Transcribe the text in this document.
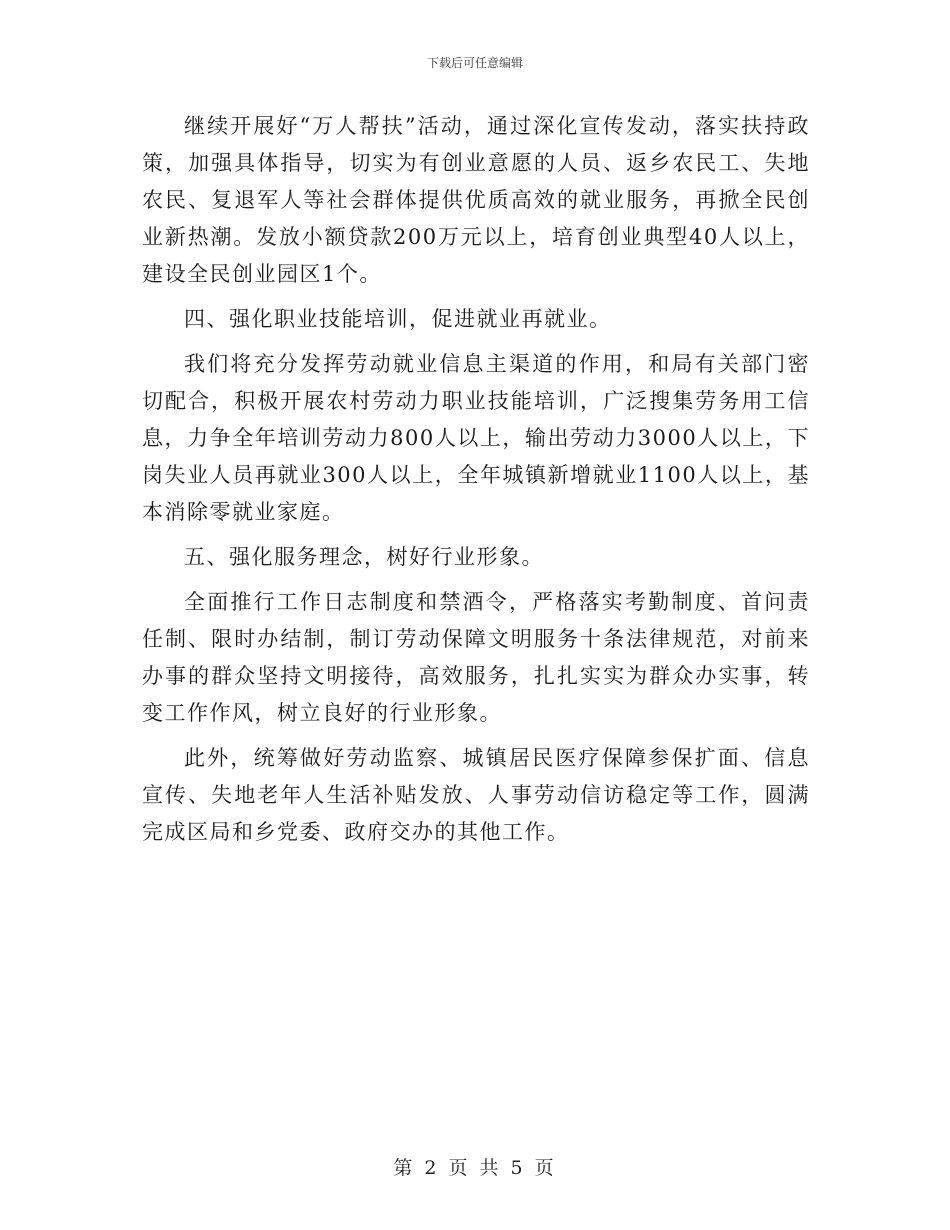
下载后可任意编辑

继续开展好“万人帮扶”活动，通过深化宣传发动，落实扶持政策，加强具体指导，切实为有创业意愿的人员、返乡农民工、失地农民、复退军人等社会群体提供优质高效的就业服务，再掀全民创业新热潮。发放小额贷款200万元以上，培育创业典型40人以上，建设全民创业园区1个。

四、强化职业技能培训，促进就业再就业。

我们将充分发挥劳动就业信息主渠道的作用，和局有关部门密切配合，积极开展农村劳动力职业技能培训，广泛搜集劳务用工信息，力争全年培训劳动力800人以上，输出劳动力3000人以上，下岗失业人员再就业300人以上，全年城镇新增就业1100人以上，基本消除零就业家庭。

五、强化服务理念，树好行业形象。

全面推行工作日志制度和禁酒令，严格落实考勤制度、首问责任制、限时办结制，制订劳动保障文明服务十条法律规范，对前来办事的群众坚持文明接待，高效服务，扎扎实实为群众办实事，转变工作作风，树立良好的行业形象。

此外，统筹做好劳动监察、城镇居民医疗保障参保扩面、信息宣传、失地老年人生活补贴发放、人事劳动信访稳定等工作，圆满完成区局和乡党委、政府交办的其他工作。

第 2 页 共 5 页
